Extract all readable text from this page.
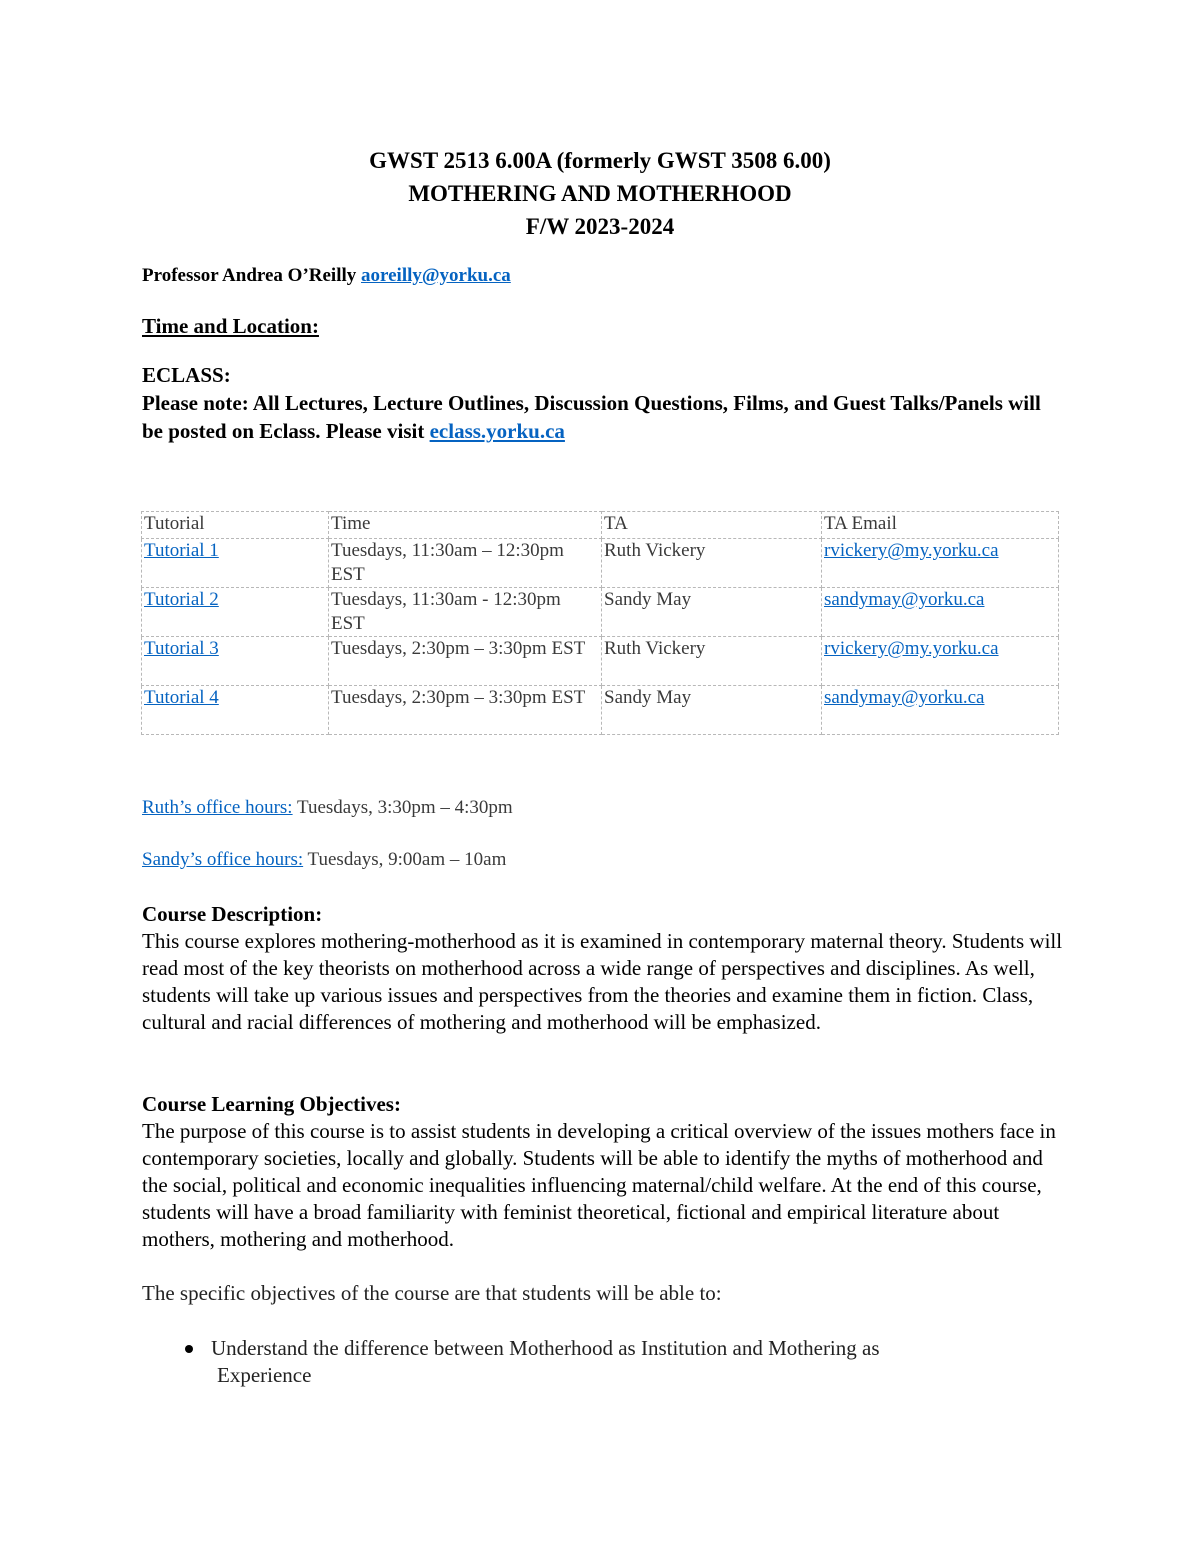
GWST 2513 6.00A (formerly GWST 3508 6.00)
MOTHERING AND MOTHERHOOD
F/W 2023-2024
Professor Andrea O’Reilly aoreilly@yorku.ca
Time and Location:
ECLASS:
Please note: All Lectures, Lecture Outlines, Discussion Questions, Films, and Guest Talks/Panels will be posted on Eclass. Please visit eclass.yorku.ca
Tutorial	Time	TA	TA Email
Tutorial 1	Tuesdays, 11:30am – 12:30pm EST	Ruth Vickery	rvickery@my.yorku.ca
Tutorial 2	Tuesdays, 11:30am - 12:30pm EST	Sandy May	sandymay@yorku.ca
Tutorial 3	Tuesdays, 2:30pm – 3:30pm EST	Ruth Vickery	rvickery@my.yorku.ca
Tutorial 4	Tuesdays, 2:30pm – 3:30pm EST	Sandy May	sandymay@yorku.ca
Ruth’s office hours: Tuesdays, 3:30pm – 4:30pm
Sandy’s office hours: Tuesdays, 9:00am – 10am
Course Description:
This course explores mothering-motherhood as it is examined in contemporary maternal theory. Students will read most of the key theorists on motherhood across a wide range of perspectives and disciplines. As well, students will take up various issues and perspectives from the theories and examine them in fiction. Class, cultural and racial differences of mothering and motherhood will be emphasized.
Course Learning Objectives:
The purpose of this course is to assist students in developing a critical overview of the issues mothers face in contemporary societies, locally and globally. Students will be able to identify the myths of motherhood and the social, political and economic inequalities influencing maternal/child welfare. At the end of this course, students will have a broad familiarity with feminist theoretical, fictional and empirical literature about mothers, mothering and motherhood.
The specific objectives of the course are that students will be able to:
Understand the difference between Motherhood as Institution and Mothering as
Experience
